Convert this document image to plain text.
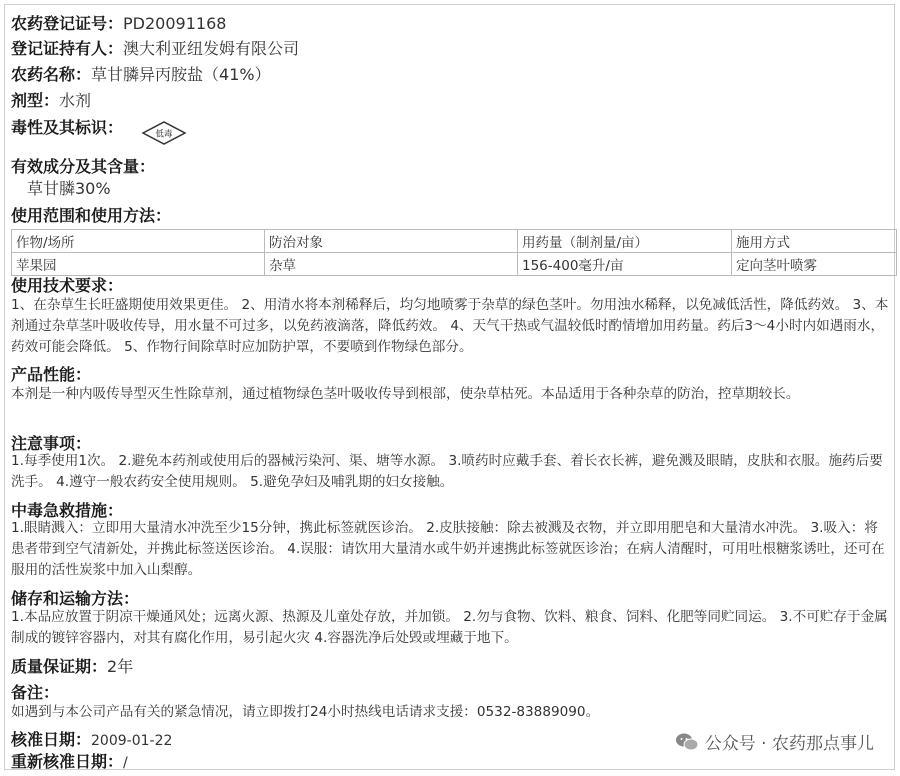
农药登记证号：PD20091168
登记证持有人：澳大利亚纽发姆有限公司
农药名称：草甘膦异丙胺盐（41%）
剂型：水剂
毒性及其标识：	低毒
有效成分及其含量：
草甘膦30%
使用范围和使用方法：
作物/场所	防治对象	用药量（制剂量/亩）	施用方式
苹果园	杂草	156-400毫升/亩	定向茎叶喷雾
使用技术要求：
1、在杂草生长旺盛期使用效果更佳。 2、用清水将本剂稀释后，均匀地喷雾于杂草的绿色茎叶。勿用浊水稀释，以免减低活性，降低药效。 3、本剂通过杂草茎叶吸收传导，用水量不可过多，以免药液滴落，降低药效。 4、天气干热或气温较低时酌情增加用药量。药后3～4小时内如遇雨水，药效可能会降低。 5、作物行间除草时应加防护罩，不要喷到作物绿色部分。
产品性能：
本剂是一种内吸传导型灭生性除草剂，通过植物绿色茎叶吸收传导到根部，使杂草枯死。本品适用于各种杂草的防治，控草期较长。
注意事项：
1.每季使用1次。 2.避免本药剂或使用后的器械污染河、渠、塘等水源。 3.喷药时应戴手套、着长衣长裤，避免溅及眼睛，皮肤和衣服。施药后要洗手。 4.遵守一般农药安全使用规则。 5.避免孕妇及哺乳期的妇女接触。
中毒急救措施：
1.眼睛溅入：立即用大量清水冲洗至少15分钟，携此标签就医诊治。 2.皮肤接触：除去被溅及衣物，并立即用肥皂和大量清水冲洗。 3.吸入：将患者带到空气清新处，并携此标签送医诊治。 4.误服：请饮用大量清水或牛奶并速携此标签就医诊治；在病人清醒时，可用吐根糖浆诱吐，还可在服用的活性炭浆中加入山梨醇。
储存和运输方法：
1.本品应放置于阴凉干燥通风处；远离火源、热源及儿童处存放，并加锁。 2.勿与食物、饮料、粮食、饲料、化肥等同贮同运。 3.不可贮存于金属制成的镀锌容器内，对其有腐化作用，易引起火灾 4.容器洗净后处毁或埋藏于地下。
质量保证期：2年
备注：
如遇到与本公司产品有关的紧急情况，请立即拨打24小时热线电话请求支援：0532-83889090。
核准日期：2009-01-22
重新核准日期：/
公众号 · 农药那点事儿
